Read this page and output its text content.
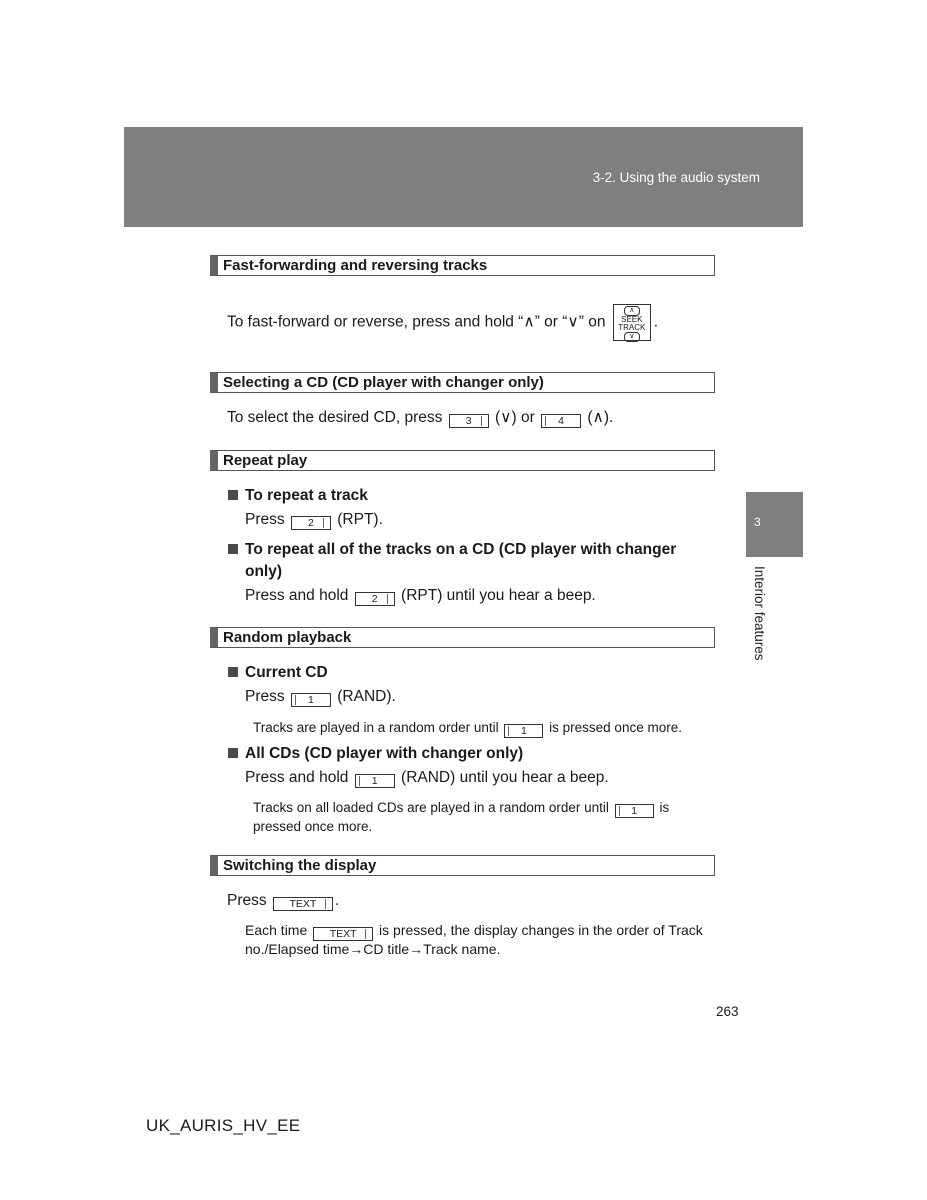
3-2. Using the audio system
3
Interior features
Fast-forwarding and reversing tracks
To fast-forward or reverse, press and hold “∧” or “∨” on
∧
SEEK
TRACK
∨
.
Selecting a CD (CD player with changer only)
To select the desired CD, press 3 (∨) or 4 (∧).
Repeat play
To repeat a track
Press 2 (RPT).
To repeat all of the tracks on a CD (CD player with changer
only)
Press and hold 2 (RPT) until you hear a beep.
Random playback
Current CD
Press 1 (RAND).
Tracks are played in a random order until 1 is pressed once more.
All CDs (CD player with changer only)
Press and hold 1 (RAND) until you hear a beep.
Tracks on all loaded CDs are played in a random order until 1 is
pressed once more.
Switching the display
Press TEXT .
Each time TEXT is pressed, the display changes in the order of Track
no./Elapsed time→CD title→Track name.
263
UK_AURIS_HV_EE
